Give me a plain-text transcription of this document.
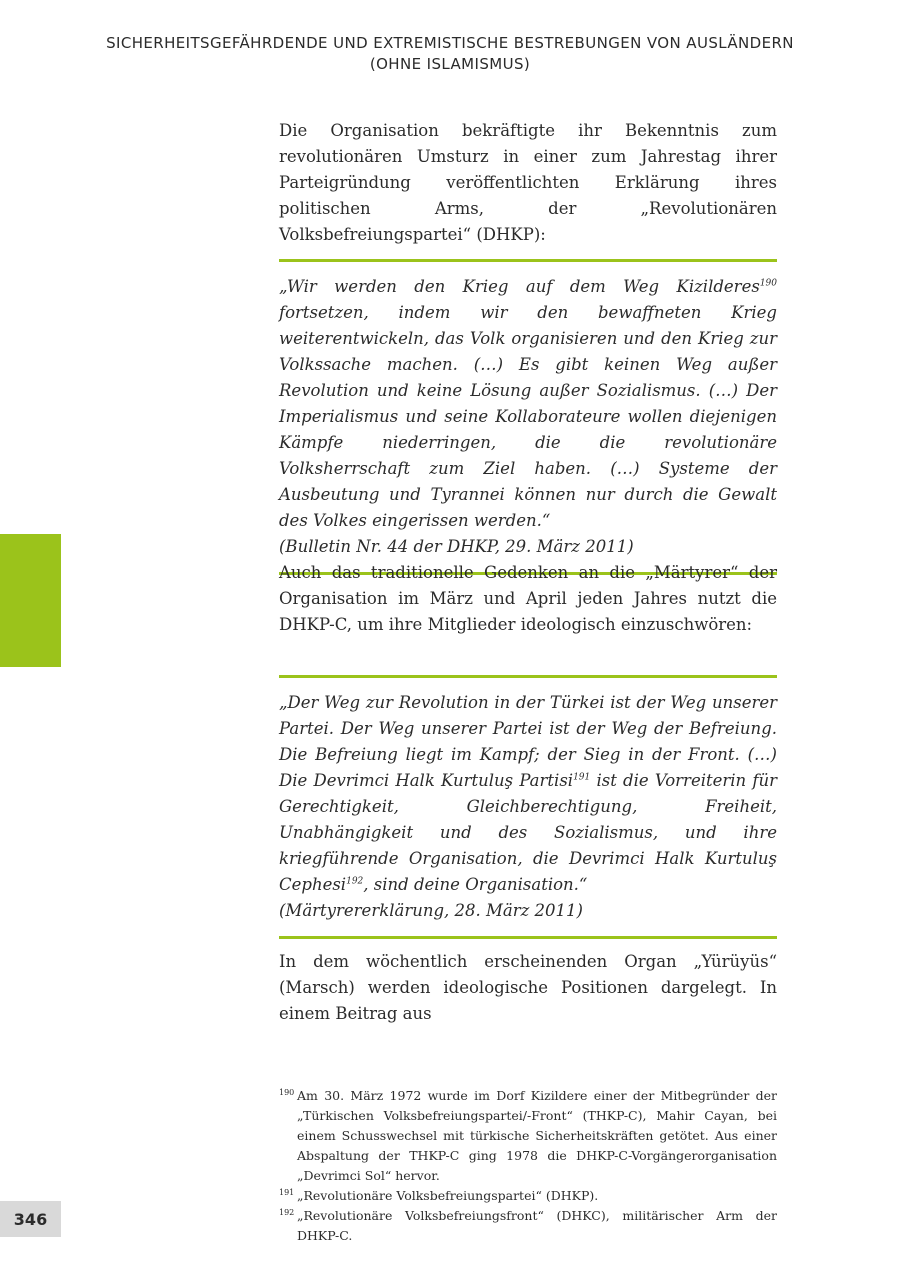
SICHERHEITSGEFÄHRDENDE UND EXTREMISTISCHE BESTREBUNGEN VON AUSLÄNDERN
(OHNE ISLAMISMUS)

Die Organisation bekräftigte ihr Bekenntnis zum revolutionären Umsturz in einer zum Jahrestag ihrer Parteigründung veröffentlichten Erklärung ihres politischen Arms, der „Revolutionären Volksbefreiungspartei“ (DHKP):

„Wir werden den Krieg auf dem Weg Kizilderes$^{190}$ fortsetzen, indem wir den bewaffneten Krieg weiterentwickeln, das Volk organisieren und den Krieg zur Volkssache machen. (…) Es gibt keinen Weg außer Revolution und keine Lösung außer Sozialismus. (…) Der Imperialismus und seine Kollaborateure wollen diejenigen Kämpfe niederringen, die die revolutionäre Volksherrschaft zum Ziel haben. (…) Systeme der Ausbeutung und Tyrannei können nur durch die Gewalt des Volkes eingerissen werden.“

(Bulletin Nr. 44 der DHKP, 29. März 2011)

Auch das traditionelle Gedenken an die „Märtyrer“ der Organisation im März und April jeden Jahres nutzt die DHKP-C, um ihre Mitglieder ideologisch einzuschwören:

„Der Weg zur Revolution in der Türkei ist der Weg unserer Partei. Der Weg unserer Partei ist der Weg der Befreiung. Die Befreiung liegt im Kampf; der Sieg in der Front. (…) Die Devrimci Halk Kurtuluş Partisi$^{191}$ ist die Vorreiterin für Gerechtigkeit, Gleichberechtigung, Freiheit, Unabhängigkeit und des Sozialismus, und ihre kriegführende Organisation, die Devrimci Halk Kurtuluş Cephesi$^{192}$, sind deine Organisation.“

(Märtyrererklärung, 28. März 2011)

In dem wöchentlich erscheinenden Organ „Yürüyüs“ (Marsch) werden ideologische Positionen dargelegt. In einem Beitrag aus

190 Am 30. März 1972 wurde im Dorf Kizildere einer der Mitbegründer der „Türkischen Volksbefreiungspartei/-Front“ (THKP-C), Mahir Cayan, bei einem Schusswechsel mit türkische Sicherheitskräften getötet. Aus einer Abspaltung der THKP-C ging 1978 die DHKP-C-Vorgängerorganisation „Devrimci Sol“ hervor.
191 „Revolutionäre Volksbefreiungspartei“ (DHKP).
192 „Revolutionäre Volksbefreiungsfront“ (DHKC), militärischer Arm der DHKP-C.
346
